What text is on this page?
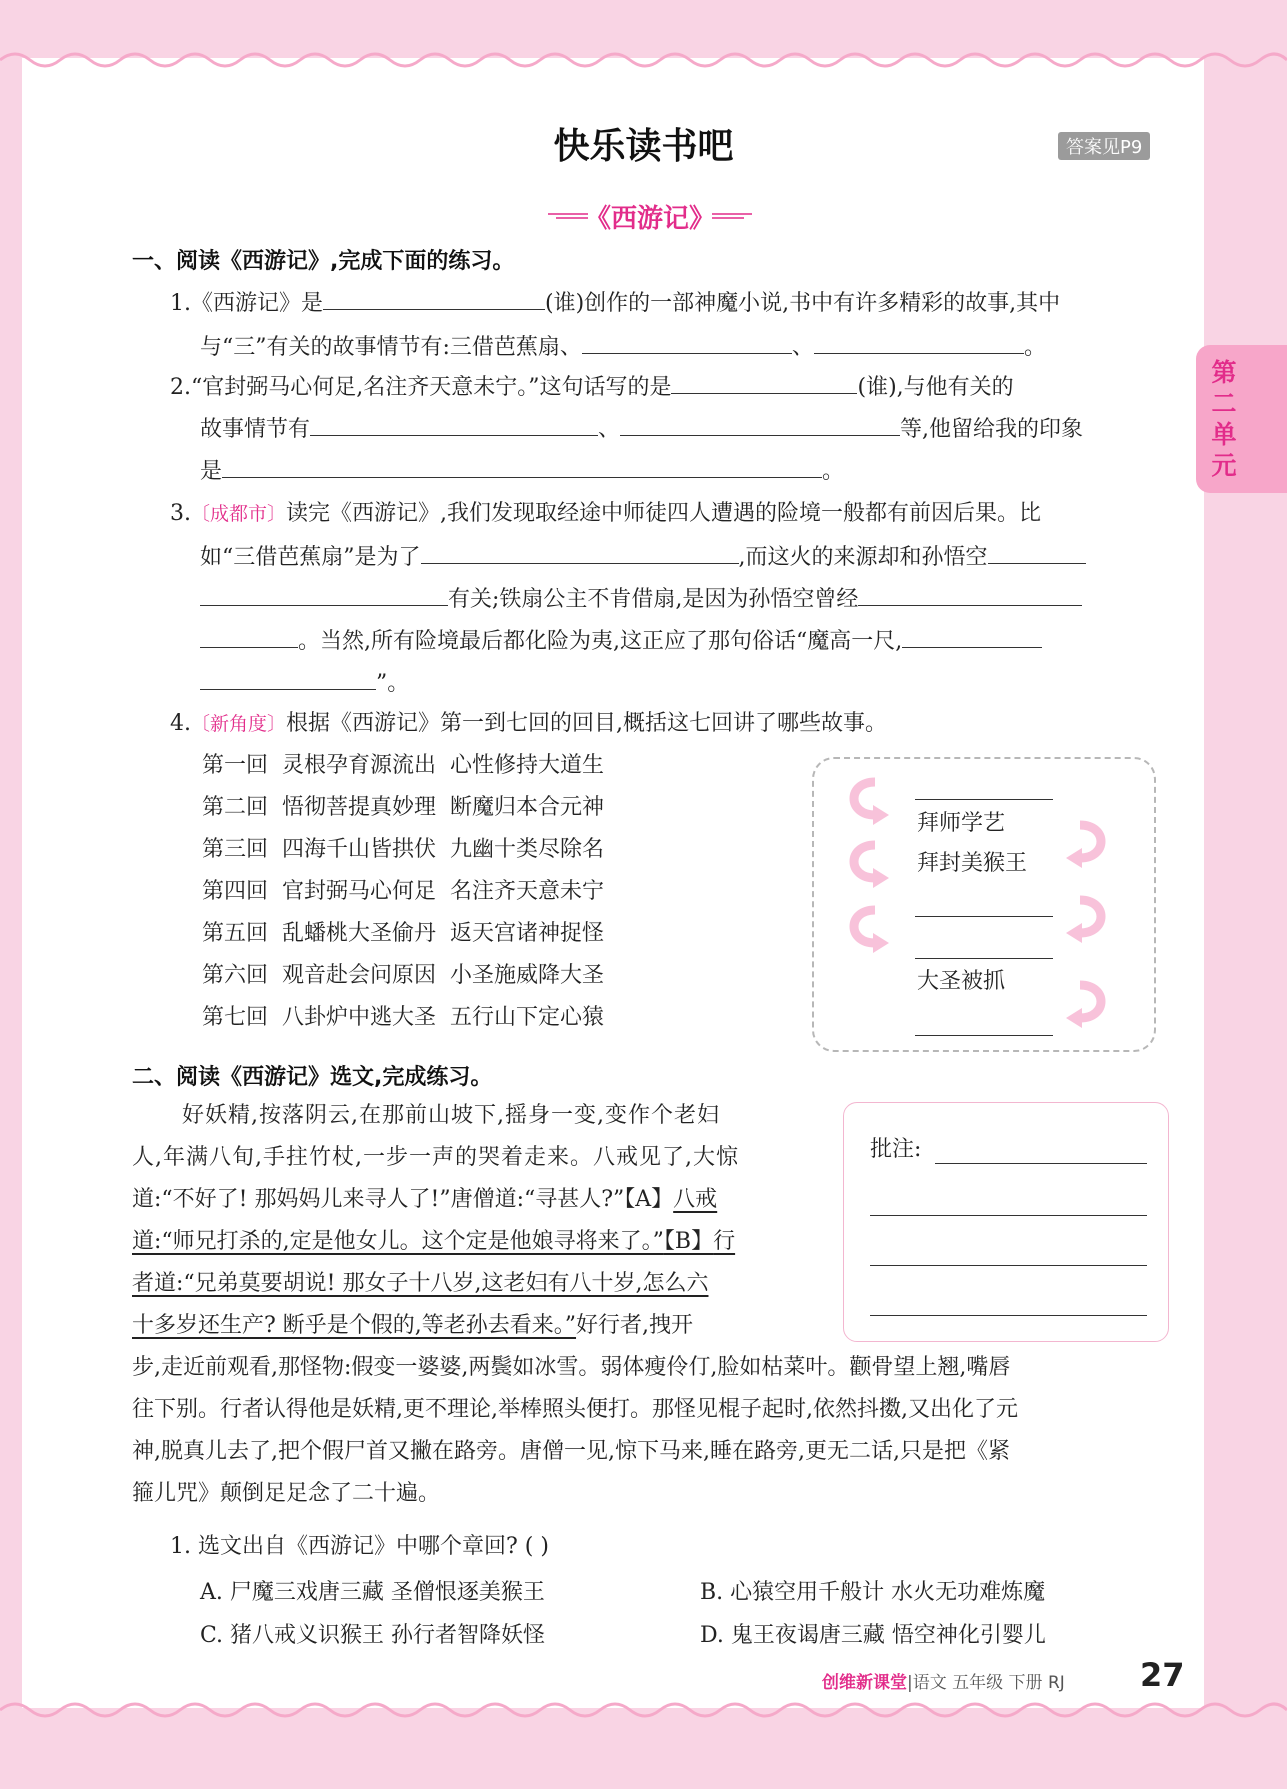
快乐读书吧	答案见P9
《西游记》
第二单元
一、阅读《西游记》,完成下面的练习。
1.《西游记》是	(谁)创作的一部神魔小说,书中有许多精彩的故事,其中
与“三”有关的故事情节有:三借芭蕉扇、	、	。
2.“官封弼马心何足,名注齐天意未宁。”这句话写的是	(谁),与他有关的
故事情节有	、	等,他留给我的印象
是	。
3.〔成都市〕读完《西游记》,我们发现取经途中师徒四人遭遇的险境一般都有前因后果。比
如“三借芭蕉扇”是为了	,而这火的来源却和孙悟空
有关;铁扇公主不肯借扇,是因为孙悟空曾经
。当然,所有险境最后都化险为夷,这正应了那句俗话“魔高一尺,
”。
4.〔新角度〕根据《西游记》第一到七回的回目,概括这七回讲了哪些故事。
第一回  灵根孕育源流出  心性修持大道生
第二回  悟彻菩提真妙理  断魔归本合元神
第三回  四海千山皆拱伏  九幽十类尽除名
第四回  官封弼马心何足  名注齐天意未宁
第五回  乱蟠桃大圣偷丹  返天宫诸神捉怪
第六回  观音赴会问原因  小圣施威降大圣
第七回  八卦炉中逃大圣  五行山下定心猿
拜师学艺
拜封美猴王
大圣被抓
二、阅读《西游记》选文,完成练习。
好妖精,按落阴云,在那前山坡下,摇身一变,变作个老妇
人,年满八旬,手拄竹杖,一步一声的哭着走来。八戒见了,大惊
道:“不好了! 那妈妈儿来寻人了!”唐僧道:“寻甚人?”【A】八戒
道:“师兄打杀的,定是他女儿。这个定是他娘寻将来了。”【B】行
者道:“兄弟莫要胡说! 那女子十八岁,这老妇有八十岁,怎么六
十多岁还生产? 断乎是个假的,等老孙去看来。”好行者,拽开
步,走近前观看,那怪物:假变一婆婆,两鬓如冰雪。弱体瘦伶仃,脸如枯菜叶。颧骨望上翘,嘴唇
往下别。行者认得他是妖精,更不理论,举棒照头便打。那怪见棍子起时,依然抖擞,又出化了元
神,脱真儿去了,把个假尸首又撇在路旁。唐僧一见,惊下马来,睡在路旁,更无二话,只是把《紧
箍儿咒》颠倒足足念了二十遍。
批注:
1. 选文出自《西游记》中哪个章回? ( )
A. 尸魔三戏唐三藏 圣僧恨逐美猴王	B. 心猿空用千般计 水火无功难炼魔
C. 猪八戒义识猴王 孙行者智降妖怪	D. 鬼王夜谒唐三藏 悟空神化引婴儿
创维新课堂|语文 五年级 下册 RJ 27
